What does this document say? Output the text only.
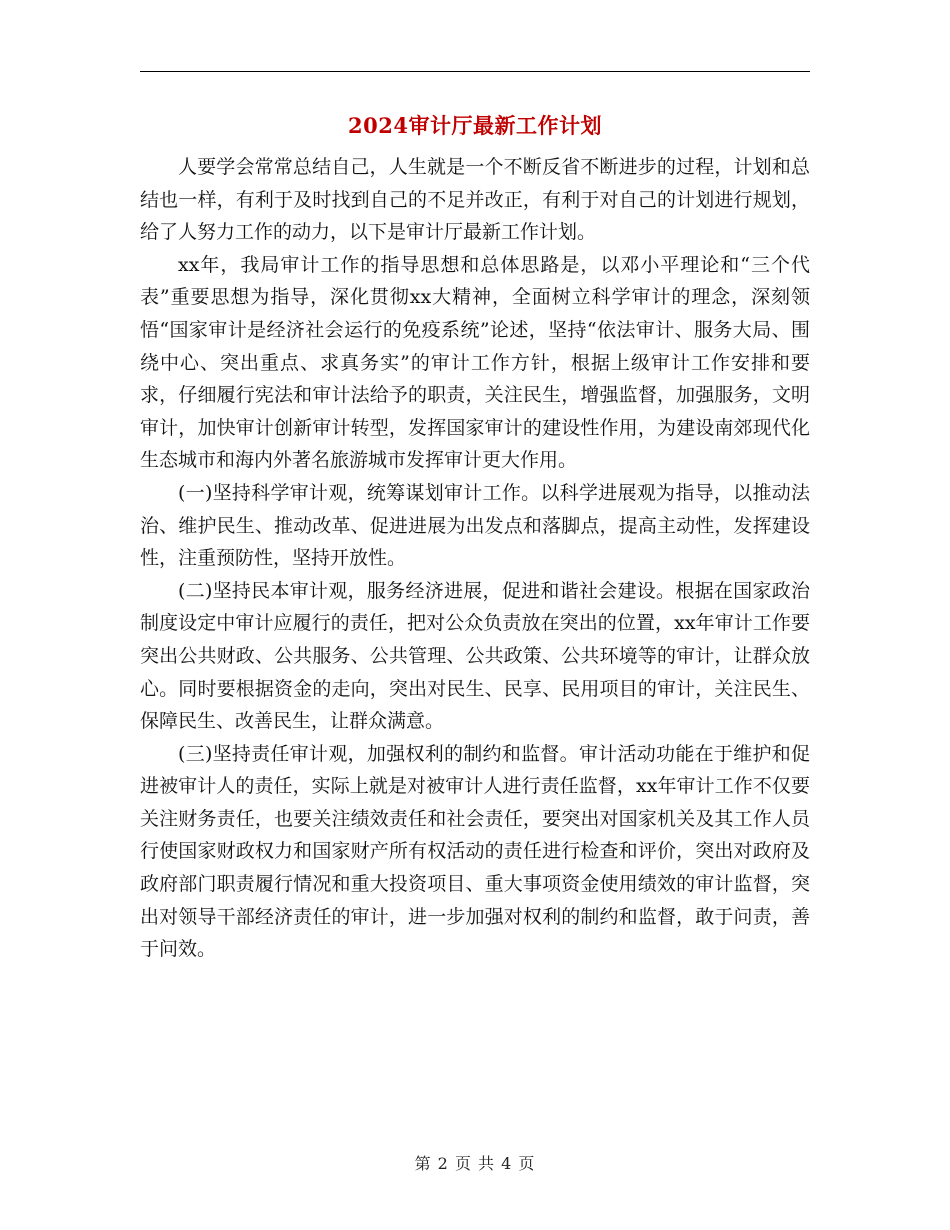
2024审计厅最新工作计划

人要学会常常总结自己，人生就是一个不断反省不断进步的过程，计划和总结也一样，有利于及时找到自己的不足并改正，有利于对自己的计划进行规划，给了人努力工作的动力，以下是审计厅最新工作计划。

xx年，我局审计工作的指导思想和总体思路是，以邓小平理论和“三个代表”重要思想为指导，深化贯彻xx大精神，全面树立科学审计的理念，深刻领悟“国家审计是经济社会运行的免疫系统”论述，坚持“依法审计、服务大局、围绕中心、突出重点、求真务实”的审计工作方针，根据上级审计工作安排和要求，仔细履行宪法和审计法给予的职责，关注民生，增强监督，加强服务，文明审计，加快审计创新审计转型，发挥国家审计的建设性作用，为建设南郊现代化生态城市和海内外著名旅游城市发挥审计更大作用。

(一)坚持科学审计观，统筹谋划审计工作。以科学进展观为指导，以推动法治、维护民生、推动改革、促进进展为出发点和落脚点，提高主动性，发挥建设性，注重预防性，坚持开放性。

(二)坚持民本审计观，服务经济进展，促进和谐社会建设。根据在国家政治制度设定中审计应履行的责任，把对公众负责放在突出的位置，xx年审计工作要突出公共财政、公共服务、公共管理、公共政策、公共环境等的审计，让群众放心。同时要根据资金的走向，突出对民生、民享、民用项目的审计，关注民生、保障民生、改善民生，让群众满意。

(三)坚持责任审计观，加强权利的制约和监督。审计活动功能在于维护和促进被审计人的责任，实际上就是对被审计人进行责任监督，xx年审计工作不仅要关注财务责任，也要关注绩效责任和社会责任，要突出对国家机关及其工作人员行使国家财政权力和国家财产所有权活动的责任进行检查和评价，突出对政府及政府部门职责履行情况和重大投资项目、重大事项资金使用绩效的审计监督，突出对领导干部经济责任的审计，进一步加强对权利的制约和监督，敢于问责，善于问效。

第 2 页 共 4 页
